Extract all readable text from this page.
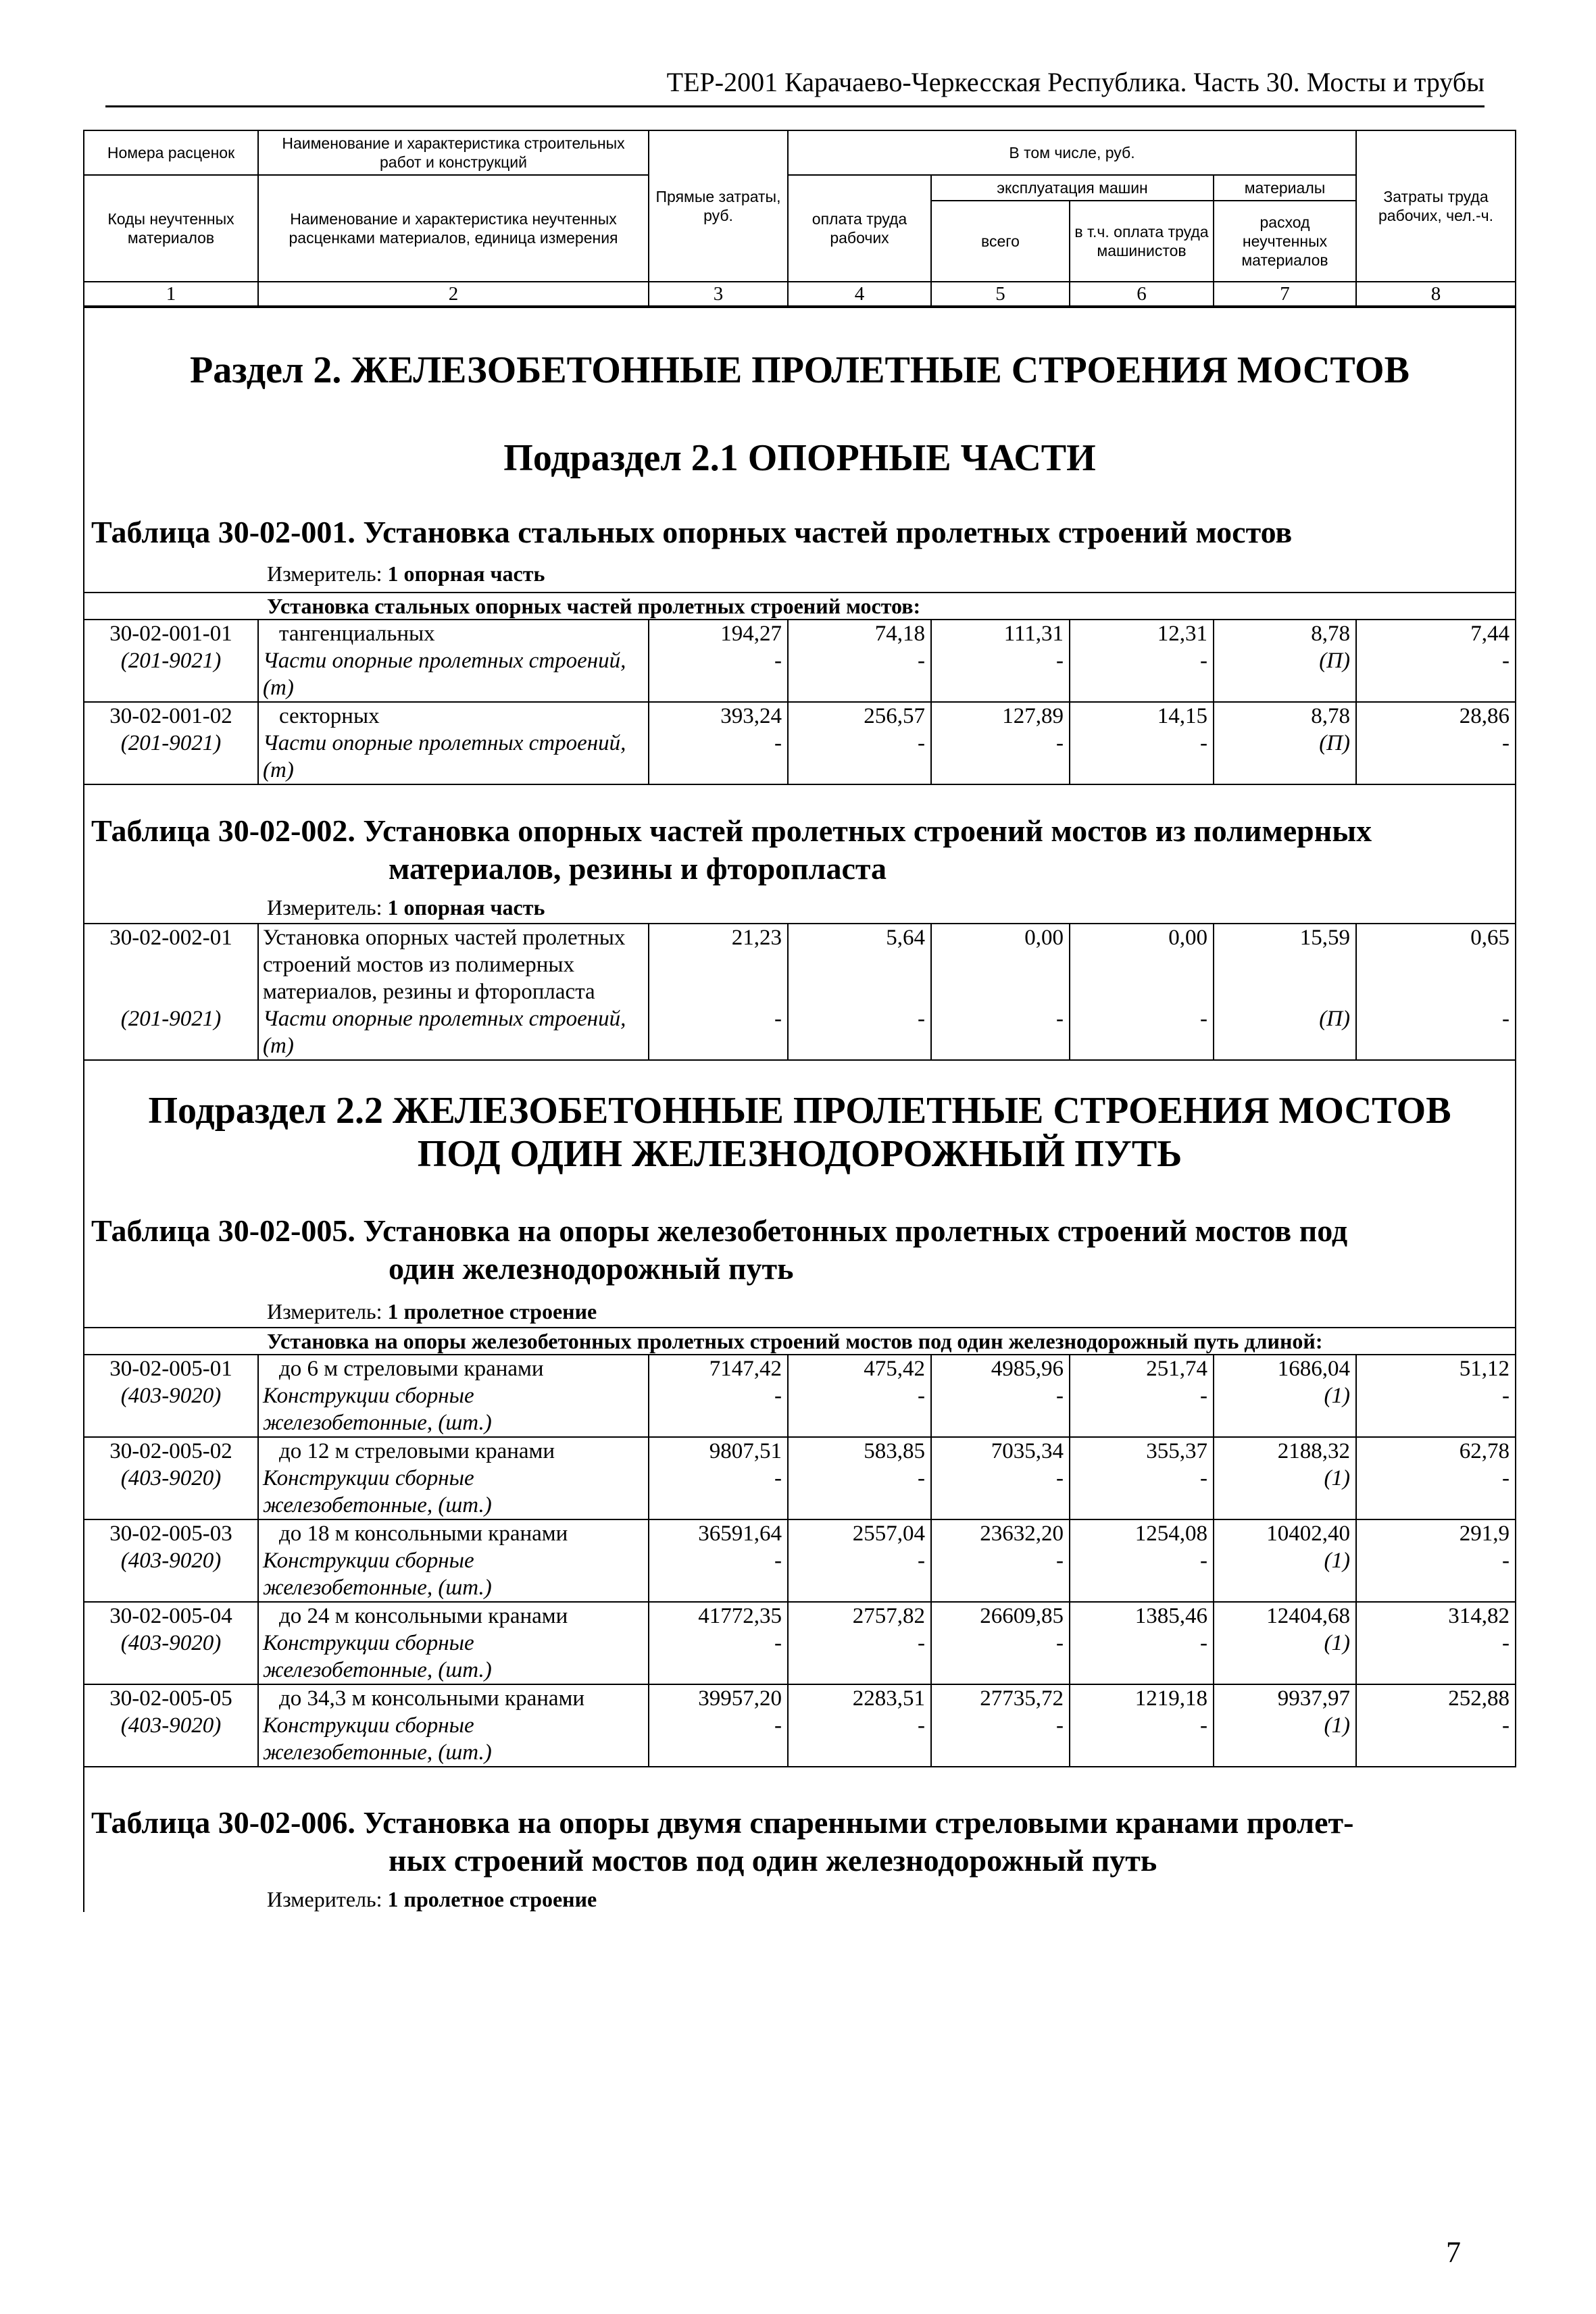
ТЕР-2001 Карачаево-Черкесская Республика. Часть 30. Мосты и трубы
Номера расценок	Наименование и характеристика строительных работ и конструкций	Прямые затраты, руб.	В том числе, руб.				Затраты труда рабочих, чел.-ч.
Коды неучтенных материалов	Наименование и характеристика неучтенных расценками материалов, единица измерения		оплата труда рабочих	эксплуатация машин		материалы	
				всего	в т.ч. оплата труда машинистов	расход неучтенных материалов	

1	2	3	4	5	6	7	8

Раздел 2. ЖЕЛЕЗОБЕТОННЫЕ ПРОЛЕТНЫЕ СТРОЕНИЯ МОСТОВ
Подраздел 2.1 ОПОРНЫЕ ЧАСТИ
Таблица 30-02-001. Установка стальных опорных частей пролетных строений мостов
Измеритель: 1 опорная часть							

Установка стальных опорных частей пролетных строений мостов:							

30-02-001-01	тангенциальных	194,27	74,18	111,31	12,31	8,78	7,44
(201-9021)	Части опорные пролетных строений, (т)	-	-	-	-	(П)	-
30-02-001-02	секторных	393,24	256,57	127,89	14,15	8,78	28,86
(201-9021)	Части опорные пролетных строений, (т)	-	-	-	-	(П)	-

Таблица 30-02-002. Установка опорных частей пролетных строений мостов из полимерных
материалов, резины и фторопласта
Измеритель: 1 опорная часть							

30-02-002-01	Установка опорных частей пролетных строений мостов из полимерных материалов, резины и фторопласта	21,23	5,64	0,00	0,00	15,59	0,65
(201-9021)	Части опорные пролетных строений, (т)	-	-	-	-	(П)	-

Подраздел 2.2 ЖЕЛЕЗОБЕТОННЫЕ ПРОЛЕТНЫЕ СТРОЕНИЯ МОСТОВ
ПОД ОДИН ЖЕЛЕЗНОДОРОЖНЫЙ ПУТЬ
Таблица 30-02-005. Установка на опоры железобетонных пролетных строений мостов под
один железнодорожный путь
Измеритель: 1 пролетное строение							

Установка на опоры железобетонных пролетных строений мостов под один железнодорожный путь длиной:							

30-02-005-01	до 6 м стреловыми кранами	7147,42	475,42	4985,96	251,74	1686,04	51,12
(403-9020)	Конструкции сборные железобетонные, (шт.)	-	-	-	-	(1)	-
30-02-005-02	до 12 м стреловыми кранами	9807,51	583,85	7035,34	355,37	2188,32	62,78
(403-9020)	Конструкции сборные железобетонные, (шт.)	-	-	-	-	(1)	-
30-02-005-03	до 18 м консольными кранами	36591,64	2557,04	23632,20	1254,08	10402,40	291,9
(403-9020)	Конструкции сборные железобетонные, (шт.)	-	-	-	-	(1)	-
30-02-005-04	до 24 м консольными кранами	41772,35	2757,82	26609,85	1385,46	12404,68	314,82
(403-9020)	Конструкции сборные железобетонные, (шт.)	-	-	-	-	(1)	-
30-02-005-05	до 34,3 м консольными кранами	39957,20	2283,51	27735,72	1219,18	9937,97	252,88
(403-9020)	Конструкции сборные железобетонные, (шт.)	-	-	-	-	(1)	-

Таблица 30-02-006. Установка на опоры двумя спаренными стреловыми кранами пролет-
ных строений мостов под один железнодорожный путь
Измеритель: 1 пролетное строение							
7
